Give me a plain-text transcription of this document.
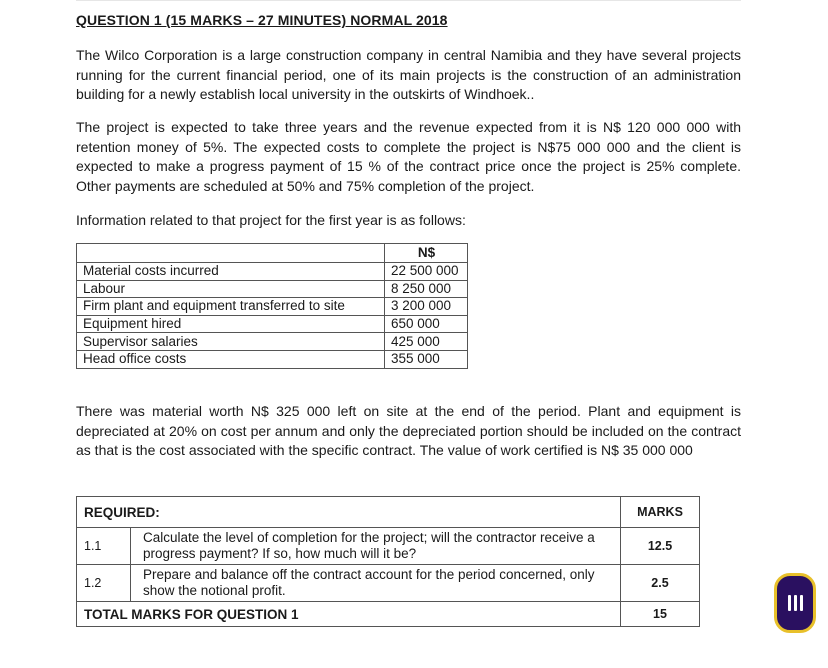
QUESTION 1 (15 MARKS – 27 MINUTES) NORMAL 2018
The Wilco Corporation is a large construction company in central Namibia and they have several projects running for the current financial period, one of its main projects is the construction of an administration building for a newly establish local university in the outskirts of Windhoek..
The project is expected to take three years and the revenue expected from it is N$ 120 000 000 with retention money of 5%. The expected costs to complete the project is N$75 000 000 and the client is expected to make a progress payment of 15 % of the contract price once the project is 25% complete. Other payments are scheduled at 50% and 75% completion of the project.
Information related to that project for the first year is as follows:
	N$
Material costs incurred	22 500 000
Labour	8 250 000
Firm plant and equipment transferred to site	3 200 000
Equipment hired	650 000
Supervisor salaries	425 000
Head office costs	355 000
There was material worth N$ 325 000 left on site at the end of the period. Plant and equipment is depreciated at 20% on cost per annum and only the depreciated portion should be included on the contract as that is the cost associated with the specific contract. The value of work certified is N$ 35 000 000
REQUIRED:		MARKS
1.1	Calculate the level of completion for the project; will the contractor receive a progress payment? If so, how much will it be?	12.5
1.2	Prepare and balance off the contract account for the period concerned, only show the notional profit.	2.5
TOTAL MARKS FOR QUESTION 1		15
